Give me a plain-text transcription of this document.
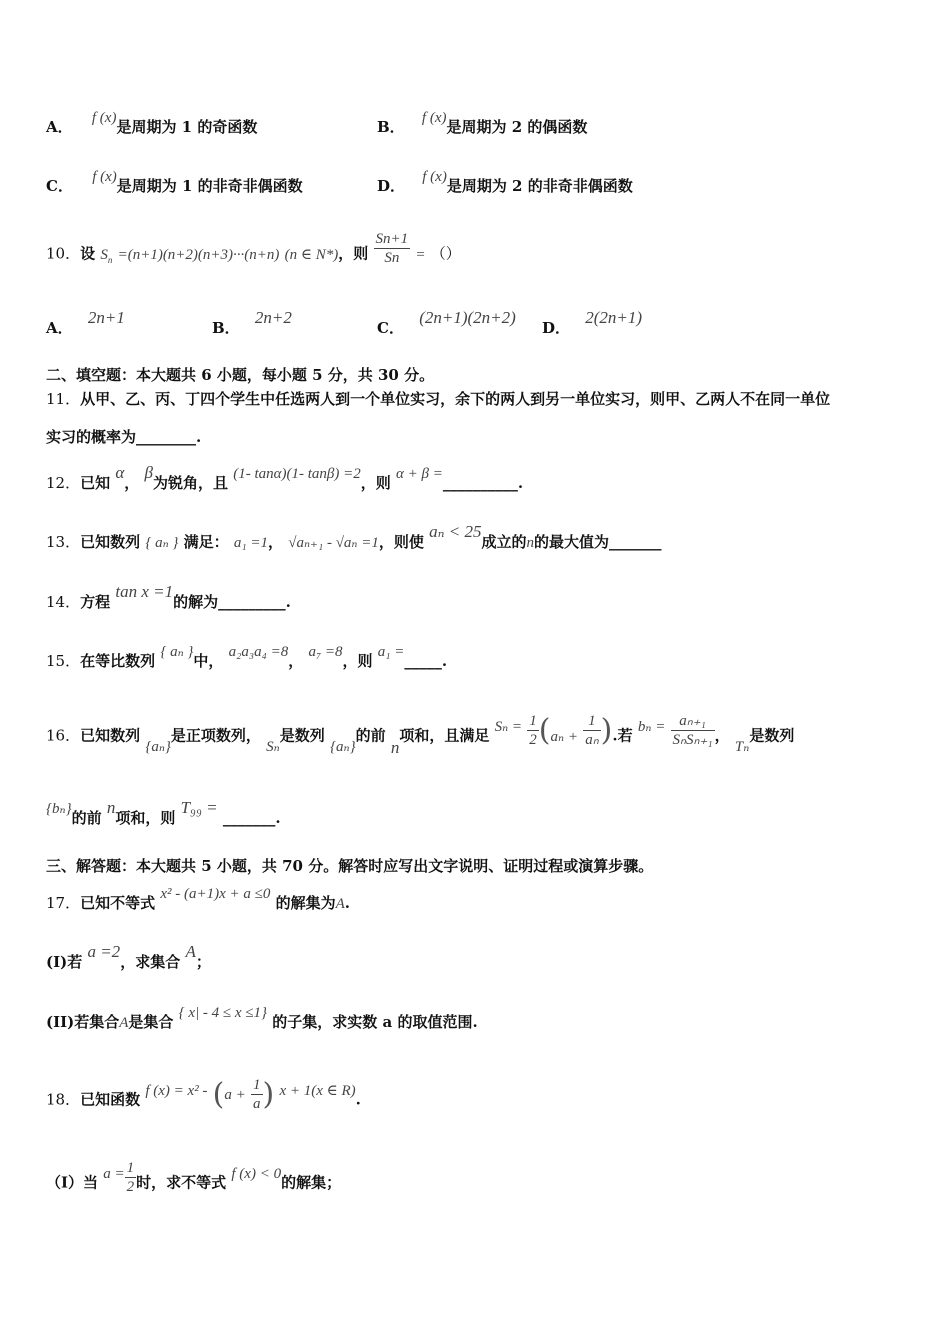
A． f (x)是周期为 1 的奇函数	B． f (x)是周期为 2 的偶函数
C． f (x)是周期为 1 的非奇非偶函数	D． f (x)是周期为 2 的非奇非偶函数
10．设 $S_n =(n+1)(n+2)(n+3)\cdot\cdot\cdot(n+n)$ (n ∈ N*)，则 $\frac{Sn+1}{Sn}$ = （）
A． 2n+1
B． 2n+2
C． (2n+1)(2n+2)
D． 2(2n+1)
二、填空题：本大题共 6 小题，每小题 5 分，共 30 分。
11．从甲、乙、丙、丁四个学生中任选两人到一个单位实习，余下的两人到另一单位实习，则甲、乙两人不在同一单位
实习的概率为________.
12．已知 α， β为锐角，且 (1- tanα)(1- tanβ) =2，则 α + β =__________.
13．已知数列 { aₙ } 满足： a₁ =1， √aₙ₊₁ - √aₙ =1，则使 aₙ < 25成立的n的最大值为_______
14．方程 tan x =1的解为_________.
15．在等比数列 { aₙ }中， a₂a₃a₄ =8， a₇ =8，则 a₁ =_____.
16．已知数列 {aₙ}是正项数列， Sₙ是数列 {aₙ}的前 n项和，且满足 $S_n = \frac{1}{2} (a_n + \frac{1}{\text{aₙ}}$ ).若 $b_n = \frac{\text{aₙ₊₁}}{\text{SₙSₙ₊₁}}$ ， Tₙ是数列
{bₙ}的前 n项和，则 T₉₉ = _______.
三、解答题：本大题共 5 小题，共 70 分。解答时应写出文字说明、证明过程或演算步骤。
17．已知不等式 x² - (a+1)x + a ≤0 的解集为A.
(I)若 a =2，求集合 A；
(II)若集合A是集合 { x| - 4 ≤ x ≤1} 的子集，求实数 a 的取值范围.
18．已知函数 f $(x) = x^2 - (a + \frac{1}{a}$ ) x + 1(x ∈ R).
（I）当 $a = \frac{1}{2}$ 时，求不等式 f (x) < 0的解集；
